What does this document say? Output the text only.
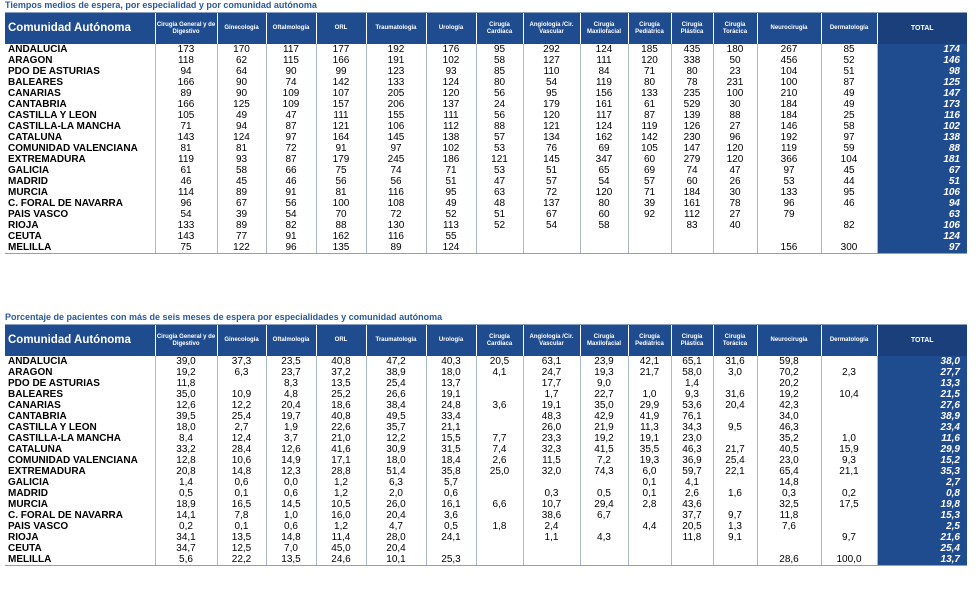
Tiempos medios de espera, por especialidad y por comunidad autónoma
Comunidad Autónoma	Cirugía General y de Digestivo	Ginecología	Oftalmología	ORL	Traumatología	Urología	Cirugía Cardiaca	Angiología /Cir. Vascular	Cirugía Maxilofacial	Cirugía Pediátrica	Cirugía Plástica	Cirugía Torácica	Neurocirugía	Dermatología	TOTAL
ANDALUCÍA	173	170	117	177	192	176	95	292	124	185	435	180	267	85	174
ARAGON	118	62	115	166	191	102	58	127	111	120	338	50	456	52	146
PDO DE ASTURIAS	94	64	90	99	123	93	85	110	84	71	80	23	104	51	98
BALEARES	166	90	74	142	133	124	80	54	119	80	78	231	100	87	125
CANARIAS	89	90	109	107	205	120	56	95	156	133	235	100	210	49	147
CANTABRIA	166	125	109	157	206	137	24	179	161	61	529	30	184	49	173
CASTILLA Y LEON	105	49	47	111	155	111	56	120	117	87	139	88	184	25	116
CASTILLA-LA MANCHA	71	94	87	121	106	112	88	121	124	119	126	27	146	58	102
CATALUÑA	143	124	97	164	145	138	57	134	162	142	230	96	192	97	138
COMUNIDAD VALENCIANA	81	81	72	91	97	102	53	76	69	105	147	120	119	59	88
EXTREMADURA	119	93	87	179	245	186	121	145	347	60	279	120	366	104	181
GALICIA	61	58	66	75	74	71	53	51	65	69	74	47	97	45	67
MADRID	46	45	46	56	56	51	47	57	54	57	60	26	53	44	51
MURCIA	114	89	91	81	116	95	63	72	120	71	184	30	133	95	106
C. FORAL DE NAVARRA	96	67	56	100	108	49	48	137	80	39	161	78	96	46	94
PAÍS VASCO	54	39	54	70	72	52	51	67	60	92	112	27	79		63
RIOJA	133	89	82	88	130	113	52	54	58		83	40		82	106
CEUTA	143	77	91	162	116	55									124
MELILLA	75	122	96	135	89	124							156	300	97
Porcentaje de pacientes con más de seis meses de espera por especialidades y comunidad autónoma
Comunidad Autónoma	Cirugía General y de Digestivo	Ginecología	Oftalmología	ORL	Traumatología	Urología	Cirugía Cardiaca	Angiología /Cir. Vascular	Cirugía Maxilofacial	Cirugía Pediátrica	Cirugía Plástica	Cirugía Torácica	Neurocirugía	Dermatología	TOTAL
ANDALUCÍA	39,0	37,3	23,5	40,8	47,2	40,3	20,5	63,1	23,9	42,1	65,1	31,6	59,8		38,0
ARAGON	19,2	6,3	23,7	37,2	38,9	18,0	4,1	24,7	19,3	21,7	58,0	3,0	70,2	2,3	27,7
PDO DE ASTURIAS	11,8		8,3	13,5	25,4	13,7		17,7	9,0		1,4		20,2		13,3
BALEARES	35,0	10,9	4,8	25,2	26,6	19,1		1,7	22,7	1,0	9,3	31,6	19,2	10,4	21,5
CANARIAS	12,6	12,2	20,4	18,6	38,4	24,8	3,6	19,1	35,0	29,9	53,6	20,4	42,3		27,6
CANTABRIA	39,5	25,4	19,7	40,8	49,5	33,4		48,3	42,9	41,9	76,1		34,0		38,9
CASTILLA Y LEON	18,0	2,7	1,9	22,6	35,7	21,1		26,0	21,9	11,3	34,3	9,5	46,3		23,4
CASTILLA-LA MANCHA	8,4	12,4	3,7	21,0	12,2	15,5	7,7	23,3	19,2	19,1	23,0		35,2	1,0	11,6
CATALUÑA	33,2	28,4	12,6	41,6	30,9	31,5	7,4	32,3	41,5	35,5	46,3	21,7	40,5	15,9	29,9
COMUNIDAD VALENCIANA	12,8	10,6	14,9	17,1	18,0	18,4	2,6	11,5	7,2	19,3	36,9	25,4	23,0	9,3	15,2
EXTREMADURA	20,8	14,8	12,3	28,8	51,4	35,8	25,0	32,0	74,3	6,0	59,7	22,1	65,4	21,1	35,3
GALICIA	1,4	0,6	0,0	1,2	6,3	5,7				0,1	4,1		14,8		2,7
MADRID	0,5	0,1	0,6	1,2	2,0	0,6		0,3	0,5	0,1	2,6	1,6	0,3	0,2	0,8
MURCIA	18,9	16,5	14,5	10,5	26,0	16,1	6,6	10,7	29,4	2,8	43,6		32,5	17,5	19,8
C. FORAL DE NAVARRA	14,1	7,8	1,0	16,0	20,4	3,6		38,6	6,7		37,7	9,7	11,8		15,3
PAÍS VASCO	0,2	0,1	0,6	1,2	4,7	0,5	1,8	2,4		4,4	20,5	1,3	7,6		2,5
RIOJA	34,1	13,5	14,8	11,4	28,0	24,1		1,1	4,3		11,8	9,1		9,7	21,6
CEUTA	34,7	12,5	7,0	45,0	20,4										25,4
MELILLA	5,6	22,2	13,5	24,6	10,1	25,3							28,6	100,0	13,7
